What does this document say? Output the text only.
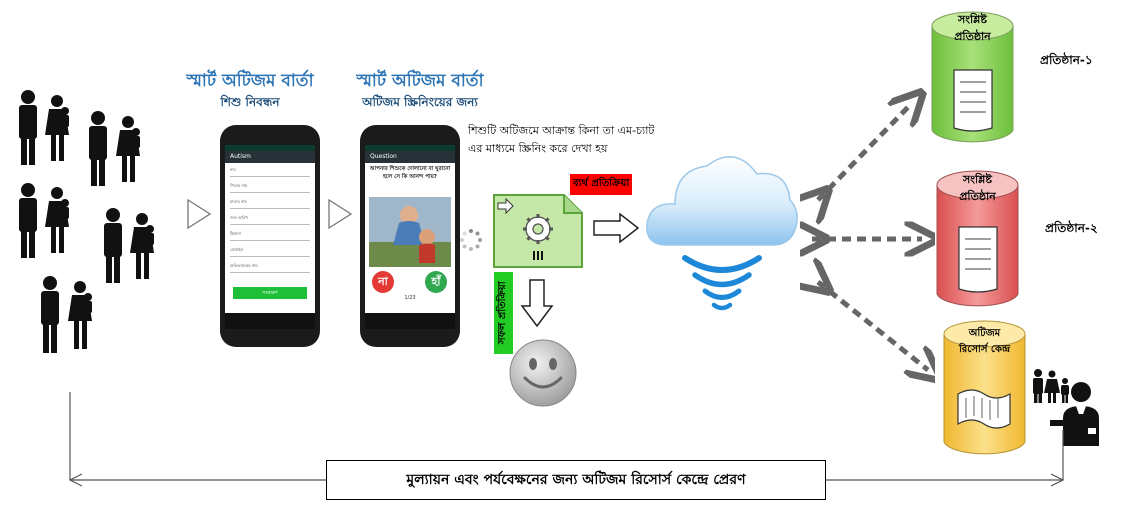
স্মার্ট অটিজম বার্তা
শিশু নিবন্ধন
স্মার্ট অটিজম বার্তা
অটিজম স্ক্রিনিংয়ের জন্য
Autism
নাম
পিতার নাম
মাতার নাম
জন্ম তারিখ
ঠিকানা
মোবাইল
অভিভাবকের নাম
সংরক্ষণ
Question
আপনার শিশুকে দোলানো বা ঘুরানো হলে সে কি আনন্দ পায়?
না	হাঁ
1/23
শিশুটি অটিজমে আক্রান্ত কিনা তা এম-চ্যাট
এর মাধ্যমে স্ক্রিনিং করে দেখা হয়
ব্যর্থ প্রতিক্রিয়া
সফল প্রতিক্রিয়া
সংশ্লিষ্ট
প্রতিষ্ঠান
সংশ্লিষ্ট
প্রতিষ্ঠান
অটিজম
রিসোর্স কেন্দ্র
প্রতিষ্ঠান-১
প্রতিষ্ঠান-২
মুল্যায়ন এবং পর্যবেক্ষনের জন্য অটিজম রিসোর্স কেন্দ্রে প্রেরণ
